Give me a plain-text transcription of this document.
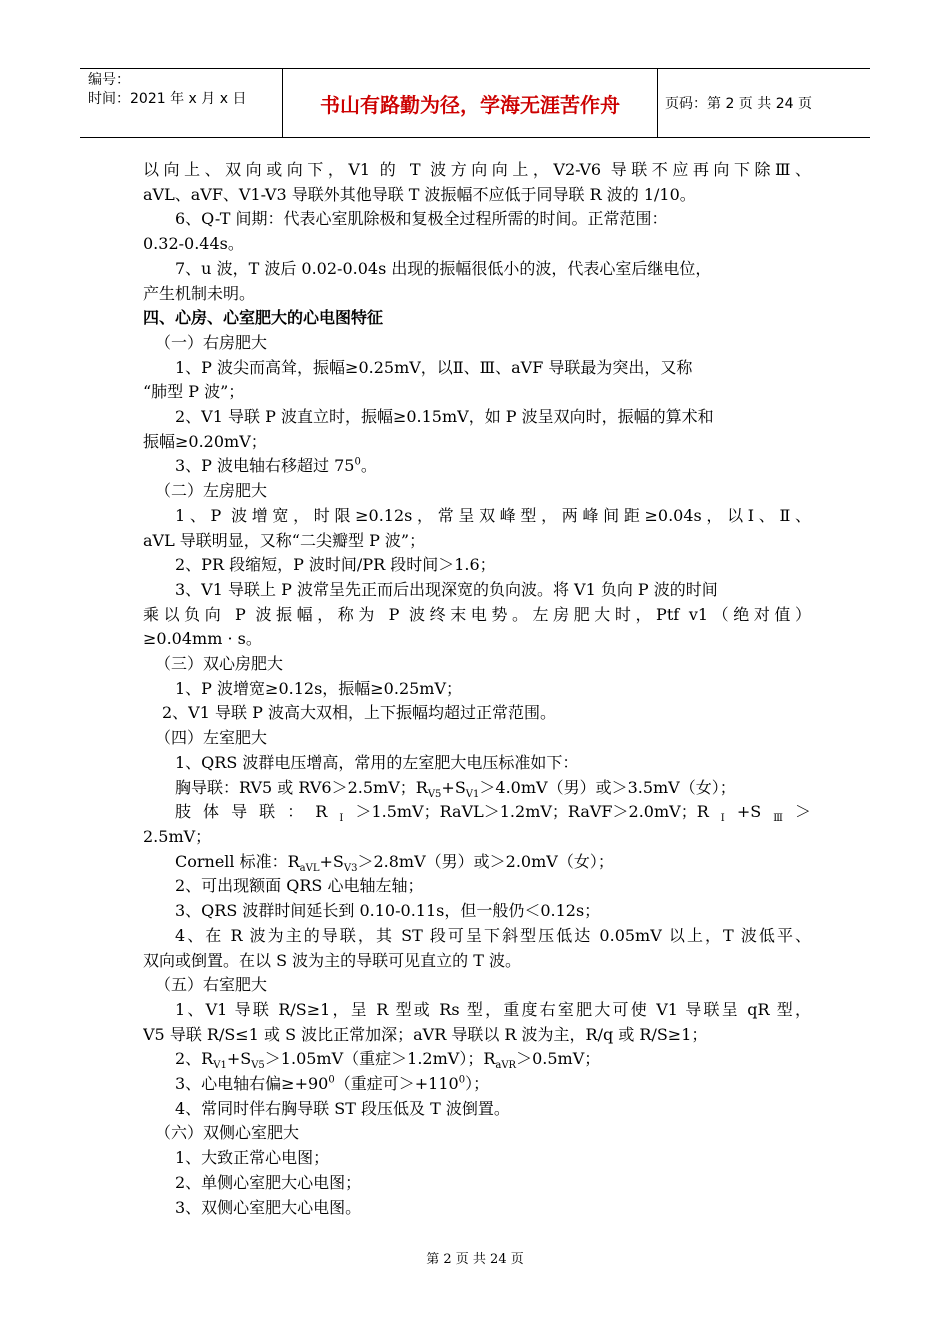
编号：
时间：2021 年 x 月 x 日	书山有路勤为径，学海无涯苦作舟	页码：第 2 页 共 24 页
以向上、双向或向下，V1 的 T 波方向向上，V2-V6 导联不应再向下除Ⅲ、
aVL、aVF、V1-V3 导联外其他导联 T 波振幅不应低于同导联 R 波的 1/10。
6、Q-T 间期：代表心室肌除极和复极全过程所需的时间。正常范围：
0.32-0.44s。
7、u 波，T 波后 0.02-0.04s 出现的振幅很低小的波，代表心室后继电位，
产生机制未明。
四、心房、心室肥大的心电图特征
（一）右房肥大
1、P 波尖而高耸，振幅≥0.25mV，以Ⅱ、Ⅲ、aVF 导联最为突出，又称
“肺型 P 波”；
2、V1 导联 P 波直立时，振幅≥0.15mV，如 P 波呈双向时，振幅的算术和
振幅≥0.20mV；
3、P 波电轴右移超过 $75^0$。
（二）左房肥大
1、P 波增宽，时限≥0.12s，常呈双峰型，两峰间距≥0.04s，以Ⅰ、Ⅱ、
aVL 导联明显，又称“二尖瓣型 P 波”；
2、PR 段缩短，P 波时间/PR 段时间＞1.6；
3、V1 导联上 P 波常呈先正而后出现深宽的负向波。将 V1 负向 P 波的时间
乘以负向 P 波振幅，称为 P 波终末电势。左房肥大时，Ptf v1（绝对值）
≥0.04mm · s。
（三）双心房肥大
1、P 波增宽≥0.12s，振幅≥0.25mV；
2、V1 导联 P 波高大双相，上下振幅均超过正常范围。
（四）左室肥大
1、QRS 波群电压增高，常用的左室肥大电压标准如下：
胸导联：RV5 或 RV6＞2.5mV；$R_{V5}+S_{V1}>4.0mV$（男）或＞3.5mV（女）；
肢体导联：$R_Ⅰ>1.5mV$；RaVL＞1.2mV；RaVF＞2.0mV；$R_Ⅰ+S_Ⅲ>$
2.5mV；
Cornell 标准：$R_{aVL}+S_{V3}>2.8mV$（男）或＞2.0mV（女）；
2、可出现额面 QRS 心电轴左轴；
3、QRS 波群时间延长到 0.10-0.11s，但一般仍＜0.12s；
4、在 R 波为主的导联，其 ST 段可呈下斜型压低达 0.05mV 以上，T 波低平、
双向或倒置。在以 S 波为主的导联可见直立的 T 波。
（五）右室肥大
1、V1 导联 R/S≥1，呈 R 型或 Rs 型，重度右室肥大可使 V1 导联呈 qR 型，
V5 导联 R/S≤1 或 S 波比正常加深；aVR 导联以 R 波为主，R/q 或 R/S≥1；
2、$R_{V1}+S_{V5}>1.05mV$（重症＞1.2mV）；$R_{aVR}>0.5mV$；
3、心电轴右偏$\ge+90^0$（重症可$>+110^0$）；
4、常同时伴右胸导联 ST 段压低及 T 波倒置。
（六）双侧心室肥大
1、大致正常心电图；
2、单侧心室肥大心电图；
3、双侧心室肥大心电图。
第 2 页 共 24 页
